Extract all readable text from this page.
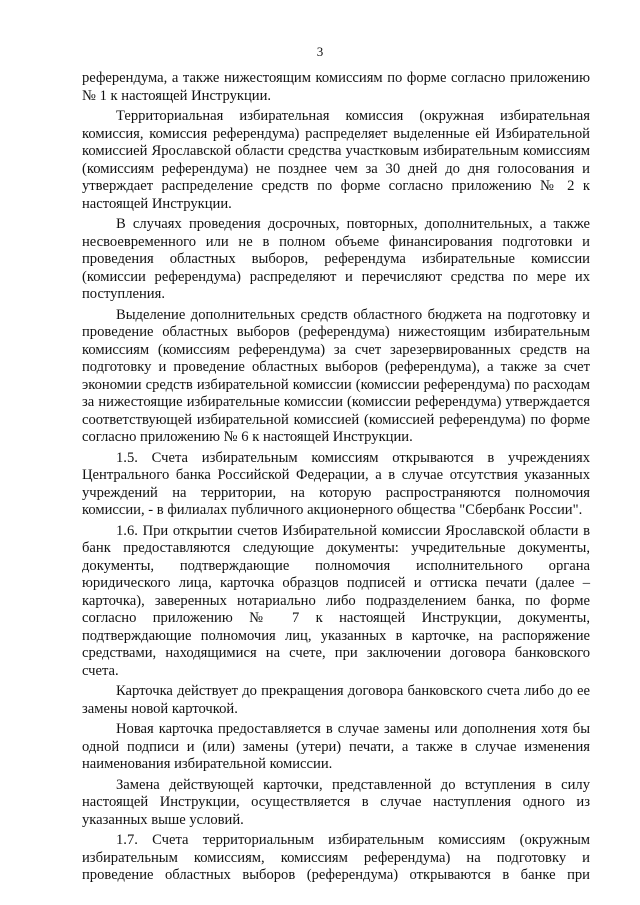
3

референдума, а также нижестоящим комиссиям по форме согласно приложению № 1 к настоящей Инструкции.

Территориальная избирательная комиссия (окружная избирательная комиссия, комиссия референдума) распределяет выделенные ей Избирательной комиссией Ярославской области средства участковым избирательным комиссиям (комиссиям референдума) не позднее чем за 30 дней до дня голосования и утверждает распределение средств по форме согласно приложению № 2 к настоящей Инструкции.

В случаях проведения досрочных, повторных, дополнительных, а также несвоевременного или не в полном объеме финансирования подготовки и проведения областных выборов, референдума избирательные комиссии (комиссии референдума) распределяют и перечисляют средства по мере их поступления.

Выделение дополнительных средств областного бюджета на подготовку и проведение областных выборов (референдума) нижестоящим избирательным комиссиям (комиссиям референдума) за счет зарезервированных средств на подготовку и проведение областных выборов (референдума), а также за счет экономии средств избирательной комиссии (комиссии референдума) по расходам за нижестоящие избирательные комиссии (комиссии референдума) утверждается соответствующей избирательной комиссией (комиссией референдума) по форме согласно приложению № 6 к настоящей Инструкции.

1.5. Счета избирательным комиссиям открываются в учреждениях Центрального банка Российской Федерации, а в случае отсутствия указанных учреждений на территории, на которую распространяются полномочия комиссии, - в филиалах публичного акционерного общества "Сбербанк России".

1.6. При открытии счетов Избирательной комиссии Ярославской области в банк предоставляются следующие документы: учредительные документы, документы, подтверждающие полномочия исполнительного органа юридического лица, карточка образцов подписей и оттиска печати (далее – карточка), заверенных нотариально либо подразделением банка, по форме согласно приложению № 7 к настоящей Инструкции, документы, подтверждающие полномочия лиц, указанных в карточке, на распоряжение средствами, находящимися на счете, при заключении договора банковского счета.

Карточка действует до прекращения договора банковского счета либо до ее замены новой карточкой.

Новая карточка предоставляется в случае замены или дополнения хотя бы одной подписи и (или) замены (утери) печати, а также в случае изменения наименования избирательной комиссии.

Замена действующей карточки, представленной до вступления в силу настоящей Инструкции, осуществляется в случае наступления одного из указанных выше условий.

1.7. Счета территориальным избирательным комиссиям (окружным избирательным комиссиям, комиссиям референдума) на подготовку и проведение областных выборов (референдума) открываются в банке при
